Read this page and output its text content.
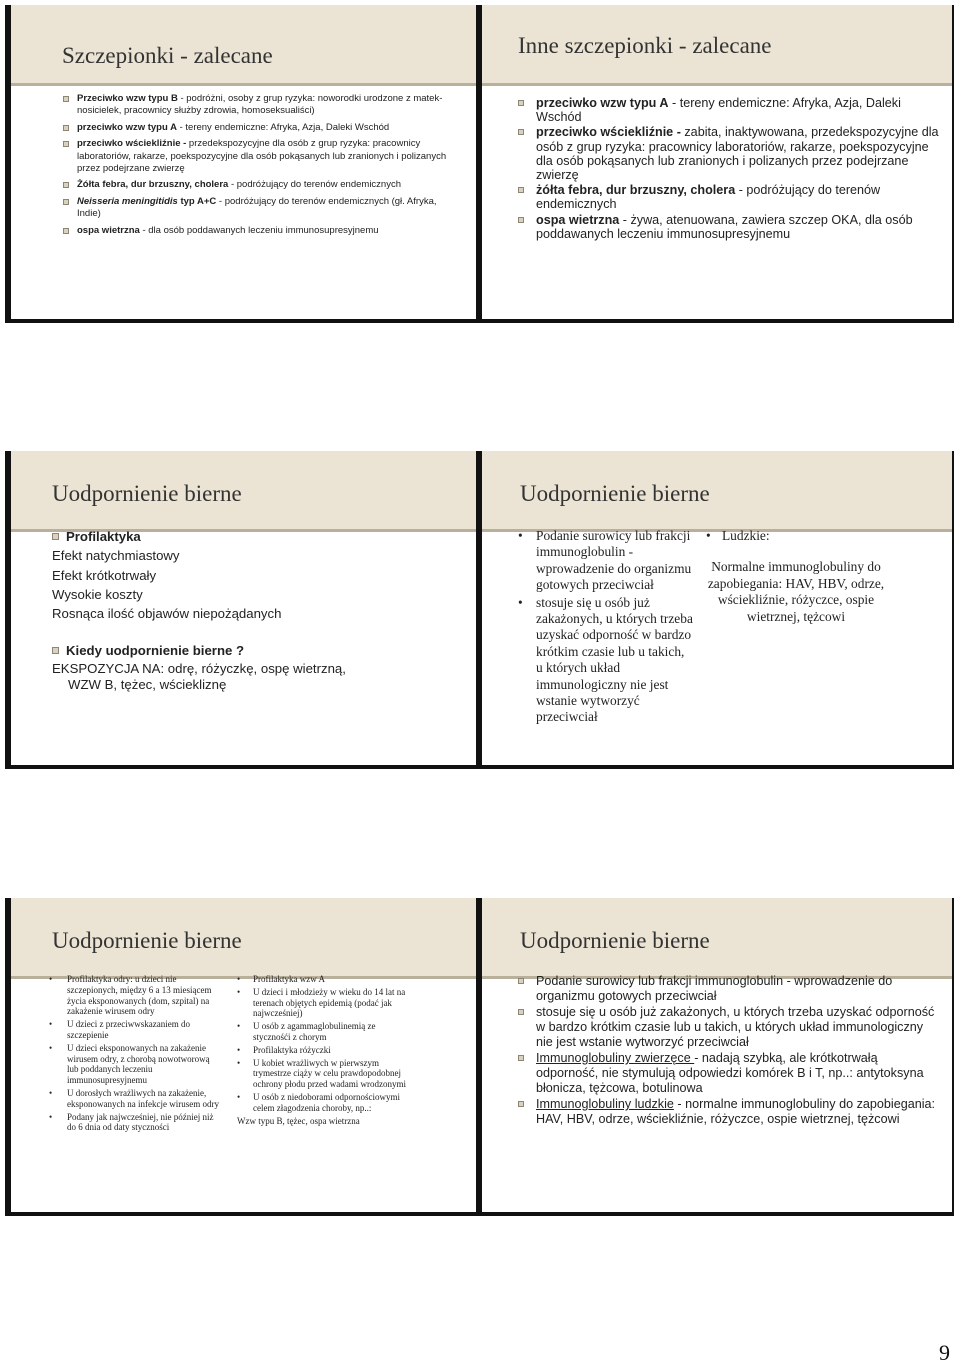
Szczepionki - zalecane
Przeciwko wzw typu B - podróżni, osoby z grup ryzyka: noworodki urodzone z matek-nosicielek, pracownicy służby zdrowia, homoseksualiści)
przeciwko wzw typu A - tereny endemiczne: Afryka, Azja, Daleki Wschód
przeciwko wściekliźnie - przedekspozycyjne dla osób z grup ryzyka: pracownicy laboratoriów, rakarze, poekspozycyjne dla osób pokąsanych lub zranionych i polizanych przez podejrzane zwierzę
Żółta febra, dur brzuszny, cholera - podróżujący do terenów endemicznych
Neisseria meningitidis typ A+C - podróżujący do terenów endemicznych (gł. Afryka, Indie)
ospa wietrzna - dla osób poddawanych leczeniu immunosupresyjnemu
Inne szczepionki - zalecane
przeciwko wzw typu A - tereny endemiczne: Afryka, Azja, Daleki Wschód
przeciwko wściekliźnie - zabita, inaktywowana, przedekspozycyjne dla osób z grup ryzyka: pracownicy laboratoriów, rakarze, poekspozycyjne dla osób pokąsanych lub zranionych i polizanych przez podejrzane zwierzę
żółta febra, dur brzuszny, cholera - podróżujący do terenów endemicznych
ospa wietrzna - żywa, atenuowana, zawiera szczep OKA, dla osób poddawanych leczeniu immunosupresyjnemu
Uodpornienie bierne
Profilaktyka
Efekt natychmiastowy
Efekt krótkotrwały
Wysokie koszty
Rosnąca ilość objawów niepożądanych
Kiedy uodpornienie bierne ?
EKSPOZYCJA NA: odrę, różyczkę, ospę wietrzną,
WZW B, tężec, wściekliznę
Uodpornienie bierne
• Podanie surowicy lub frakcji immunoglobulin - wprowadzenie do organizmu gotowych przeciwciał
• stosuje się u osób już zakażonych, u których trzeba uzyskać odporność w bardzo krótkim czasie lub u takich, u których układ immunologiczny nie jest wstanie wytworzyć przeciwciał
• Ludzkie:
Normalne immunoglobuliny do zapobiegania: HAV, HBV, odrze, wściekliźnie, różyczce, ospie wietrznej, tężcowi
Uodpornienie bierne
• Profilaktyka odry: u dzieci nie szczepionych, między 6 a 13 miesiącem życia eksponowanych (dom, szpital) na zakażenie wirusem odry
• U dzieci z przeciwwskazaniem do szczepienie
• U dzieci eksponowanych na zakażenie wirusem odry, z chorobą nowotworową lub poddanych leczeniu immunosupresyjnemu
• U dorosłych wrażliwych na zakażenie, eksponowanych na infekcje wirusem odry
• Podany jak najwcześniej, nie później niż do 6 dnia od daty styczności
• Profilaktyka wzw A
• U dzieci i młodzieży w wieku do 14 lat na terenach objętych epidemią (podać jak najwcześniej)
• U osób z agammaglobulinemią ze stycznośći z chorym
• Profilaktyka różyczki
• U kobiet wrażliwych w pierwszym trymestrze ciąży w celu prawdopodobnej ochrony płodu przed wadami wrodzonymi
• U osób z niedoborami odpornościowymi celem złagodzenia choroby, np..:
Wzw typu B, tężec, ospa wietrzna
Uodpornienie bierne
Podanie surowicy lub frakcji immunoglobulin - wprowadzenie do organizmu gotowych przeciwciał
stosuje się u osób już zakażonych, u których trzeba uzyskać odporność w bardzo krótkim czasie lub u takich, u których układ immunologiczny nie jest wstanie wytworzyć przeciwciał
Immunoglobuliny zwierzęce - nadają szybką, ale krótkotrwałą odporność, nie stymulują odpowiedzi komórek B i T, np..: antytoksyna błonicza, tężcowa, botulinowa
Immunoglobuliny ludzkie - normalne immunoglobuliny do zapobiegania: HAV, HBV, odrze, wściekliźnie, różyczce, ospie wietrznej, tężcowi
9
